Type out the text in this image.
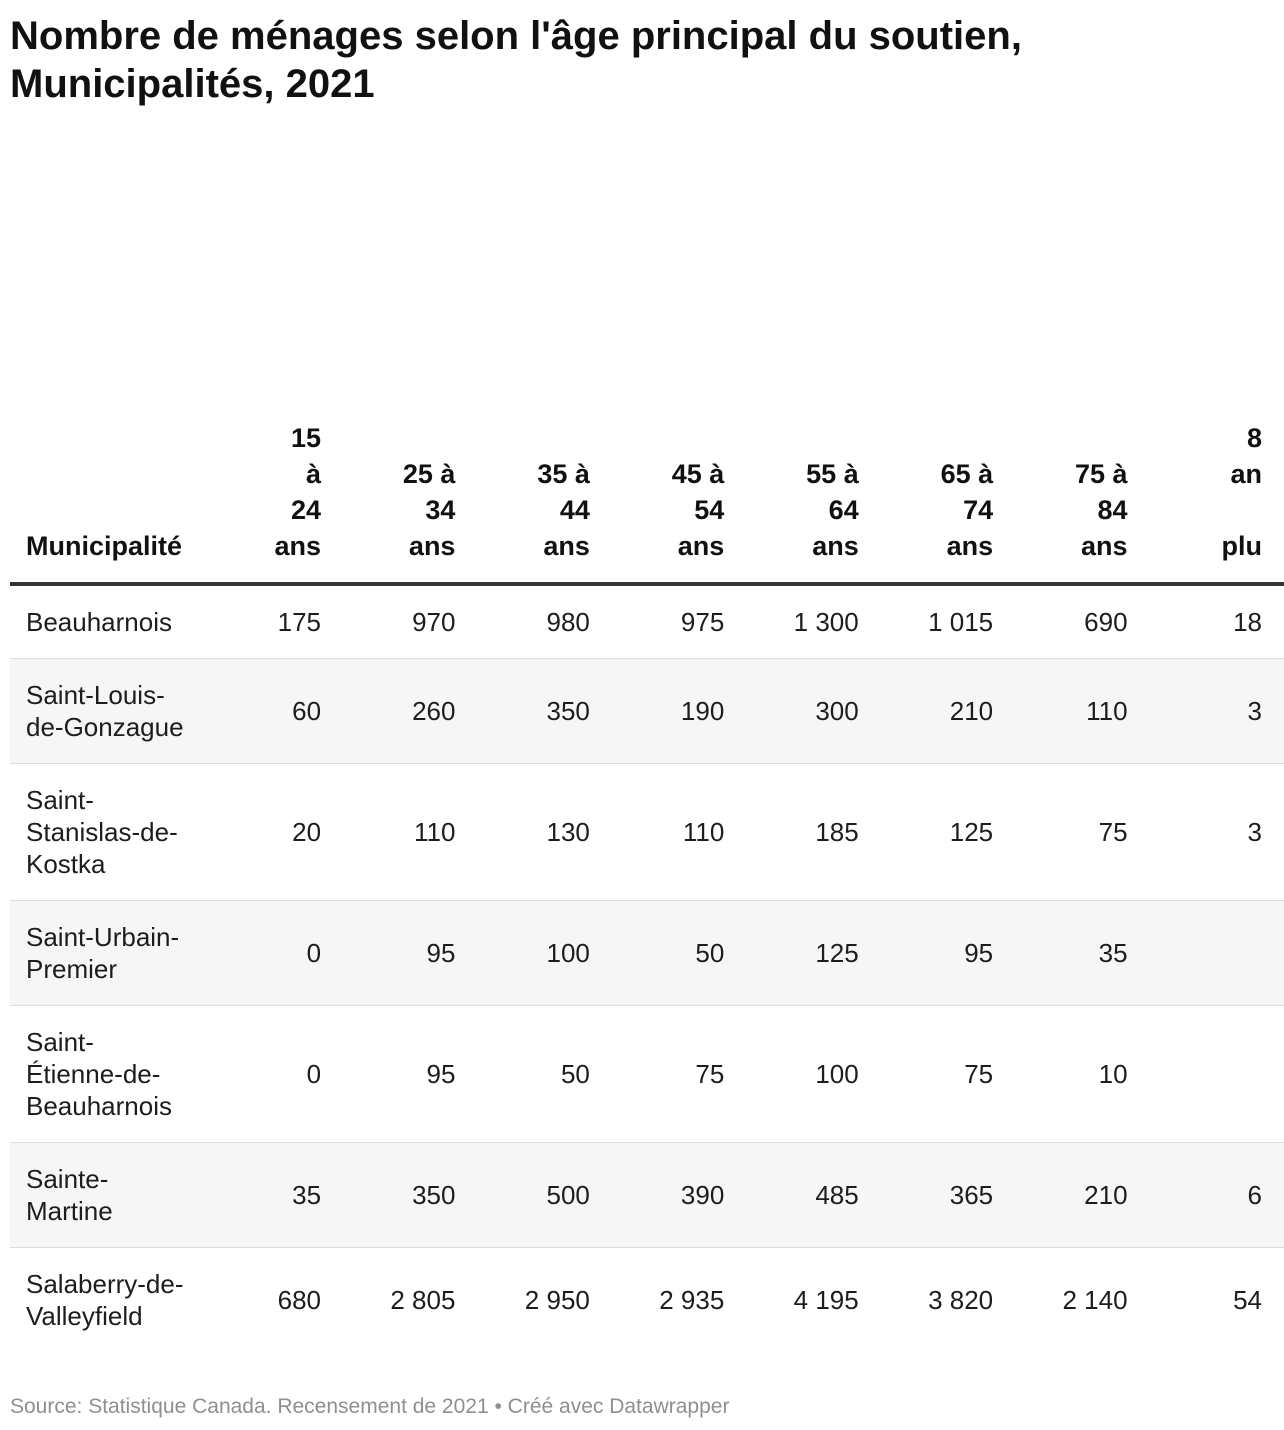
Nombre de ménages selon l'âge principal du soutien,
Municipalités, 2021
Municipalité	15
à
24
ans	25 à
34
ans	35 à
44
ans	45 à
54
ans	55 à
64
ans	65 à
74
ans	75 à
84
ans	8
an

plu

Beauharnois	175	970	980	975	1 300	1 015	690	18

Saint-Louis-
de-Gonzague	60	260	350	190	300	210	110	3

Saint-
Stanislas-de-
Kostka	20	110	130	110	185	125	75	3

Saint-Urbain-
Premier	0	95	100	50	125	95	35	

Saint-
Étienne-de-
Beauharnois	0	95	50	75	100	75	10	

Sainte-
Martine	35	350	500	390	485	365	210	6

Salaberry-de-
Valleyfield	680	2 805	2 950	2 935	4 195	3 820	2 140	54
Source: Statistique Canada. Recensement de 2021 • Créé avec Datawrapper
